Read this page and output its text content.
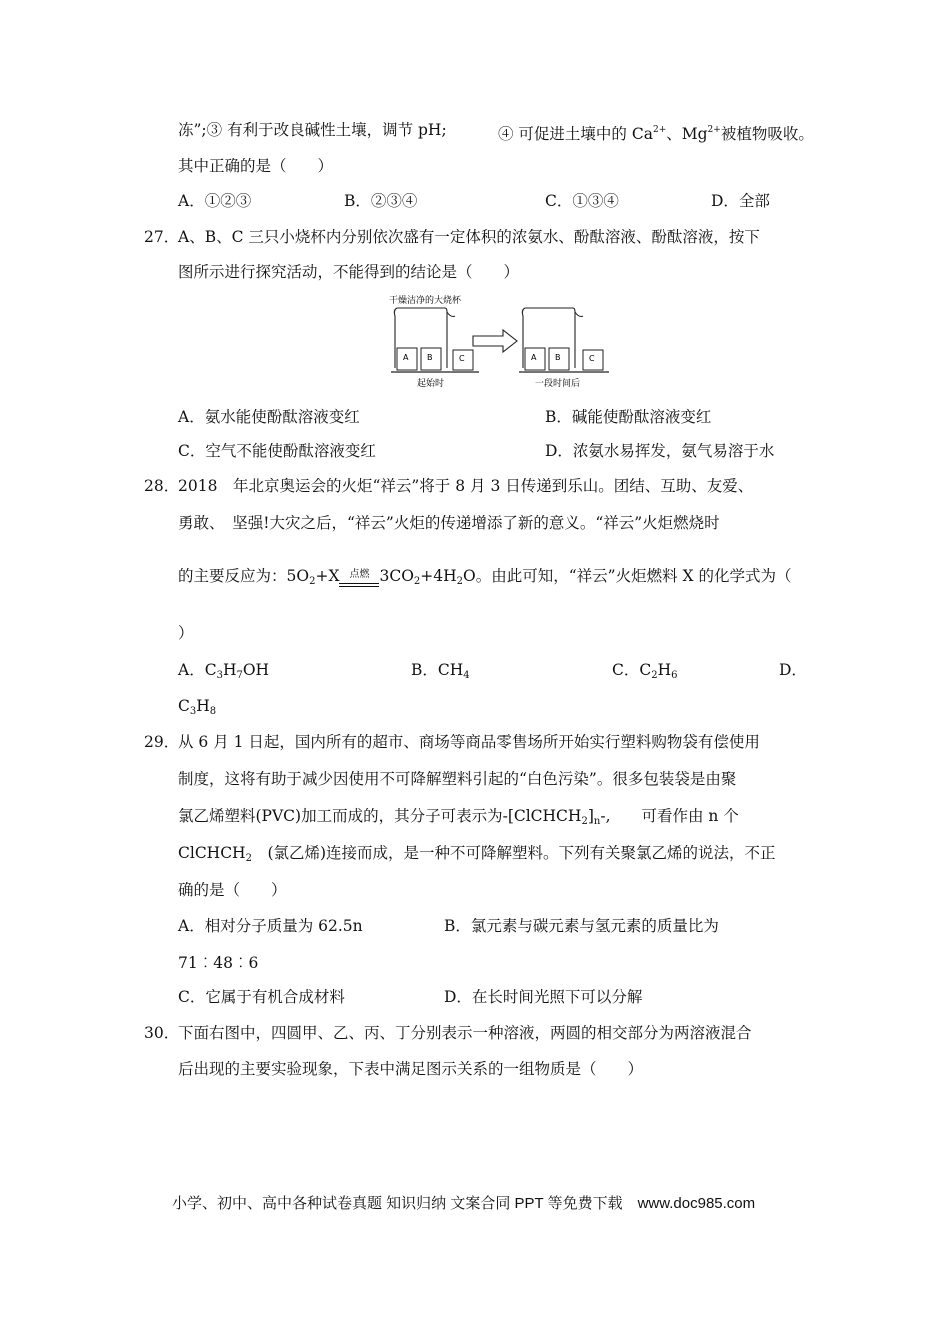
冻”;③ 有利于改良碱性土壤，调节 pH;	④ 可促进土壤中的 $Ca^{2+}$、$Mg^{2+}$被植物吸收。
其中正确的是（　　）
A．①②③	B．②③④	C．①③④	D．全部
27．
A、B、C 三只小烧杯内分别依次盛有一定体积的浓氨水、酚酞溶液、酚酞溶液，按下
图所示进行探究活动，不能得到的结论是（　　）
干燥洁净的大烧杯
A B	C
起始时
A B	C
一段时间后
A．氨水能使酚酞溶液变红	B．碱能使酚酞溶液变红
C．空气不能使酚酞溶液变红	D．浓氨水易挥发，氨气易溶于水
28．
2018　年北京奥运会的火炬“祥云”将于 8 月 3 日传递到乐山。团结、互助、友爱、
勇敢、　坚强!大灾之后，“祥云”火炬的传递增添了新的意义。“祥云”火炬燃烧时
的主要反应为：$5O_2+X$	点燃 $3CO_2+4H_2O$。由此可知，“祥云”火炬燃料 X 的化学式为（
）
A．$C_3H_7OH$	B．$CH_4$	C．$C_2H_6$	D．
$C_3H_8$
29．
从 6 月 1 日起，国内所有的超市、商场等商品零售场所开始实行塑料购物袋有偿使用
制度，这将有助于减少因使用不可降解塑料引起的“白色污染”。很多包装袋是由聚
氯乙烯塑料(PVC)加工而成的，其分子可表示为$-[ClCHCH_2]_n-$,　　可看作由 n 个
ClCHCH$_2$　(氯乙烯)连接而成，是一种不可降解塑料。下列有关聚氯乙烯的说法，不正
确的是（　　）
A．相对分子质量为 62.5n	B．氯元素与碳元素与氢元素的质量比为
71︰48︰6
C．它属于有机合成材料	D．在长时间光照下可以分解
30．
下面右图中，四圆甲、乙、丙、丁分别表示一种溶液，两圆的相交部分为两溶液混合
后出现的主要实验现象，下表中满足图示关系的一组物质是（　　）
小学、初中、高中各种试卷真题 知识归纳 文案合同 PPT 等免费下载　www.doc985.com
